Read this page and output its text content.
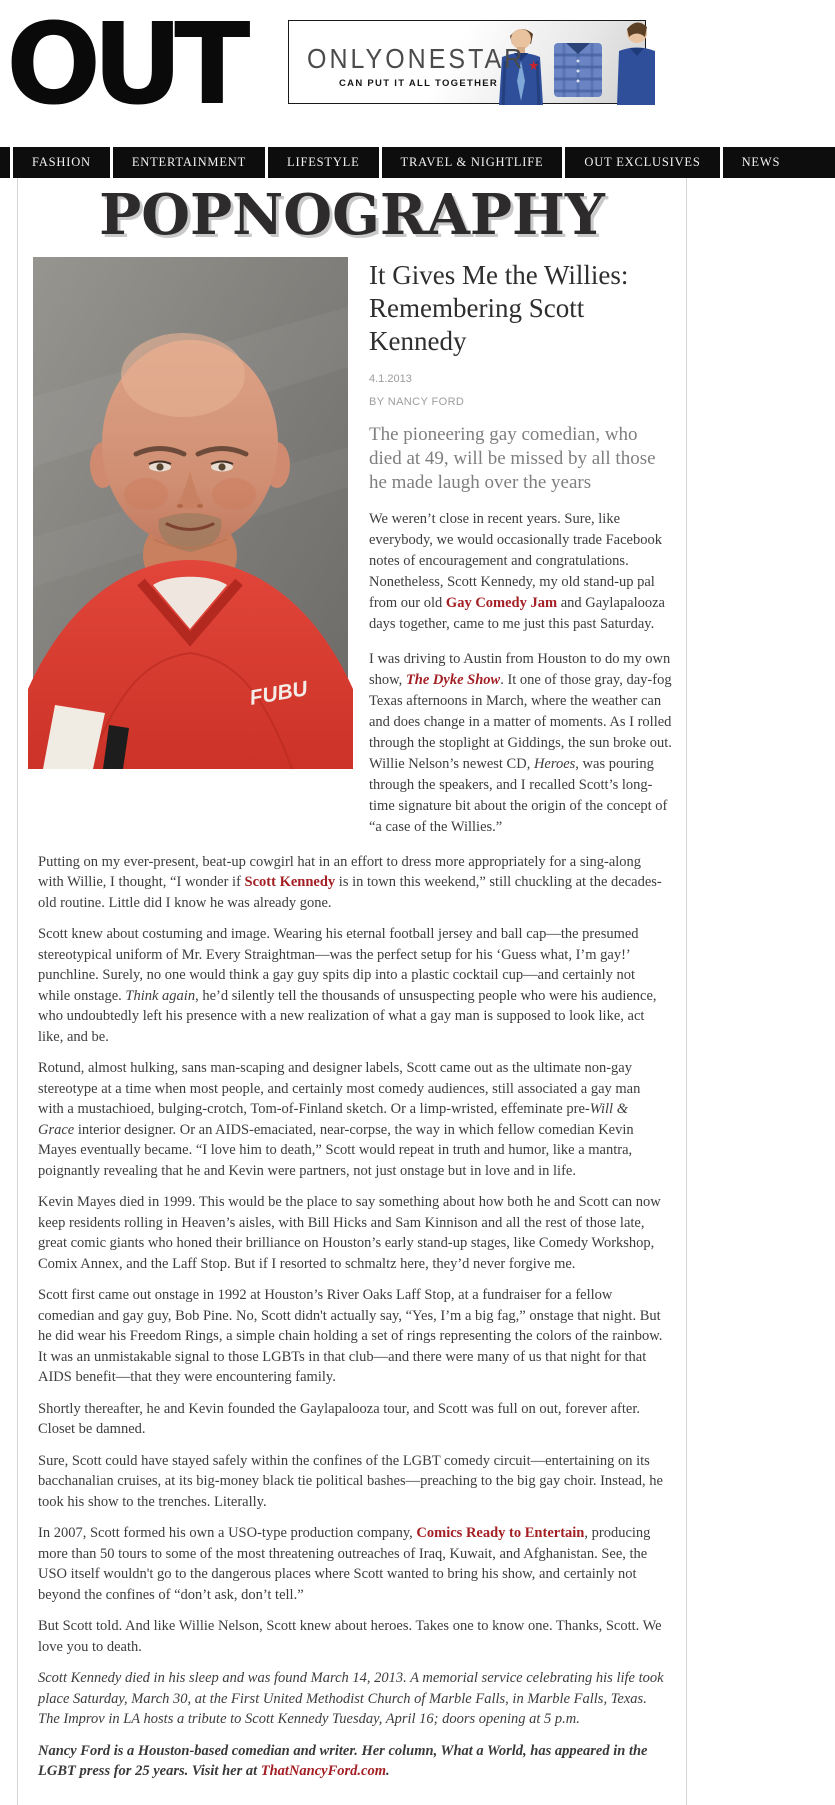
OUT	ONLYONESTAR ★
CAN PUT IT ALL TOGETHER
FASHION	ENTERTAINMENT	LIFESTYLE	TRAVEL & NIGHTLIFE	OUT EXCLUSIVES	NEWS
POPNOGRAPHY
FUBU
It Gives Me the Willies: Remembering Scott Kennedy
4.1.2013
BY NANCY FORD
The pioneering gay comedian, who died at 49, will be missed by all those he made laugh over the years

We weren’t close in recent years. Sure, like everybody, we would occasionally trade Facebook notes of encouragement and congratulations. Nonetheless, Scott Kennedy, my old stand-up pal from our old Gay Comedy Jam and Gaylapalooza days together, came to me just this past Saturday.

I was driving to Austin from Houston to do my own show, The Dyke Show. It one of those gray, day-fog Texas afternoons in March, where the weather can and does change in a matter of moments. As I rolled through the stoplight at Giddings, the sun broke out. Willie Nelson’s newest CD, Heroes, was pouring through the speakers, and I recalled Scott’s long-time signature bit about the origin of the concept of “a case of the Willies.”

Putting on my ever-present, beat-up cowgirl hat in an effort to dress more appropriately for a sing-along with Willie, I thought, “I wonder if Scott Kennedy is in town this weekend,” still chuckling at the decades-old routine. Little did I know he was already gone.

Scott knew about costuming and image. Wearing his eternal football jersey and ball cap—the presumed stereotypical uniform of Mr. Every Straightman—was the perfect setup for his ‘Guess what, I’m gay!’ punchline. Surely, no one would think a gay guy spits dip into a plastic cocktail cup—and certainly not while onstage. Think again, he’d silently tell the thousands of unsuspecting people who were his audience, who undoubtedly left his presence with a new realization of what a gay man is supposed to look like, act like, and be.

Rotund, almost hulking, sans man-scaping and designer labels, Scott came out as the ultimate non-gay stereotype at a time when most people, and certainly most comedy audiences, still associated a gay man with a mustachioed, bulging-crotch, Tom-of-Finland sketch. Or a limp-wristed, effeminate pre-Will & Grace interior designer. Or an AIDS-emaciated, near-corpse, the way in which fellow comedian Kevin Mayes eventually became. “I love him to death,” Scott would repeat in truth and humor, like a mantra, poignantly revealing that he and Kevin were partners, not just onstage but in love and in life.

Kevin Mayes died in 1999. This would be the place to say something about how both he and Scott can now keep residents rolling in Heaven’s aisles, with Bill Hicks and Sam Kinnison and all the rest of those late, great comic giants who honed their brilliance on Houston’s early stand-up stages, like Comedy Workshop, Comix Annex, and the Laff Stop. But if I resorted to schmaltz here, they’d never forgive me.

Scott first came out onstage in 1992 at Houston’s River Oaks Laff Stop, at a fundraiser for a fellow comedian and gay guy, Bob Pine. No, Scott didn't actually say, “Yes, I’m a big fag,” onstage that night. But he did wear his Freedom Rings, a simple chain holding a set of rings representing the colors of the rainbow. It was an unmistakable signal to those LGBTs in that club—and there were many of us that night for that AIDS benefit—that they were encountering family.

Shortly thereafter, he and Kevin founded the Gaylapalooza tour, and Scott was full on out, forever after. Closet be damned.

Sure, Scott could have stayed safely within the confines of the LGBT comedy circuit—entertaining on its bacchanalian cruises, at its big-money black tie political bashes—preaching to the big gay choir. Instead, he took his show to the trenches. Literally.

In 2007, Scott formed his own a USO-type production company, Comics Ready to Entertain, producing more than 50 tours to some of the most threatening outreaches of Iraq, Kuwait, and Afghanistan. See, the USO itself wouldn't go to the dangerous places where Scott wanted to bring his show, and certainly not beyond the confines of “don’t ask, don’t tell.”

But Scott told. And like Willie Nelson, Scott knew about heroes. Takes one to know one. Thanks, Scott. We love you to death.

Scott Kennedy died in his sleep and was found March 14, 2013. A memorial service celebrating his life took place Saturday, March 30, at the First United Methodist Church of Marble Falls, in Marble Falls, Texas. The Improv in LA hosts a tribute to Scott Kennedy Tuesday, April 16; doors opening at 5 p.m.

Nancy Ford is a Houston-based comedian and writer. Her column, What a World, has appeared in the LGBT press for 25 years. Visit her at ThatNancyFord.com.
